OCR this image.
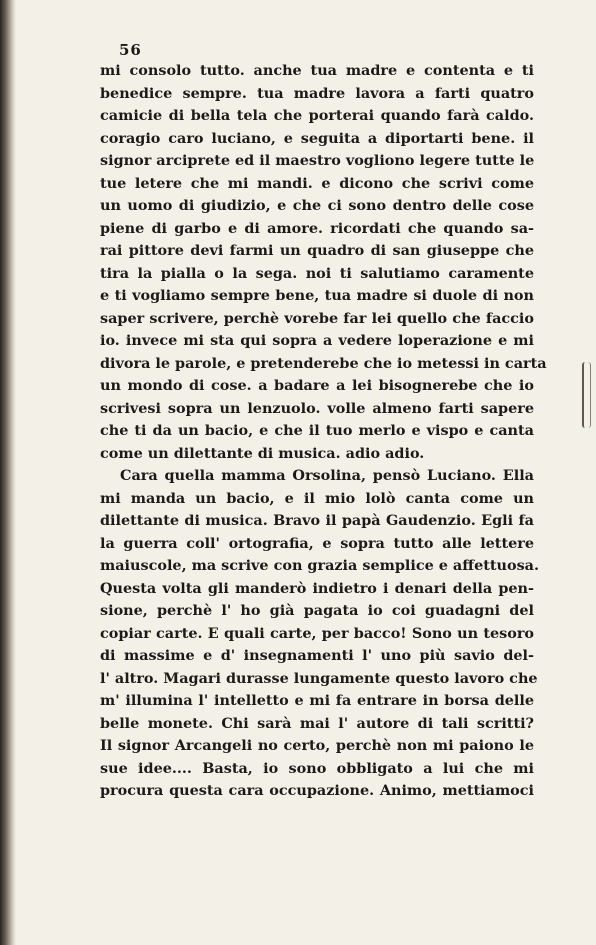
56
mi consolo tutto. anche tua madre e contenta e ti
benedice sempre. tua madre lavora a farti quatro
camicie di bella tela che porterai quando farà caldo.
coragio caro luciano, e seguita a diportarti bene. il
signor arciprete ed il maestro vogliono legere tutte le
tue letere che mi mandi. e dicono che scrivi come
un uomo di giudizio, e che ci sono dentro delle cose
piene di garbo e di amore. ricordati che quando sa-
rai pittore devi farmi un quadro di san giuseppe che
tira la pialla o la sega. noi ti salutiamo caramente
e ti vogliamo sempre bene, tua madre si duole di non
saper scrivere, perchè vorebe far lei quello che faccio
io. invece mi sta qui sopra a vedere loperazione e mi
divora le parole, e pretenderebe che io metessi in carta
un mondo di cose. a badare a lei bisognerebe che io
scrivesi sopra un lenzuolo. volle almeno farti sapere
che ti da un bacio, e che il tuo merlo e vispo e canta
come un dilettante di musica. adio adio.
Cara quella mamma Orsolina, pensò Luciano. Ella
mi manda un bacio, e il mio lolò canta come un
dilettante di musica. Bravo il papà Gaudenzio. Egli fa
la guerra coll' ortografia, e sopra tutto alle lettere
maiuscole, ma scrive con grazia semplice e affettuosa.
Questa volta gli manderò indietro i denari della pen-
sione, perchè l' ho già pagata io coi guadagni del
copiar carte. E quali carte, per bacco! Sono un tesoro
di massime e d' insegnamenti l' uno più savio del-
l' altro. Magari durasse lungamente questo lavoro che
m' illumina l' intelletto e mi fa entrare in borsa delle
belle monete. Chi sarà mai l' autore di tali scritti?
Il signor Arcangeli no certo, perchè non mi paiono le
sue idee.... Basta, io sono obbligato a lui che mi
procura questa cara occupazione. Animo, mettiamoci
